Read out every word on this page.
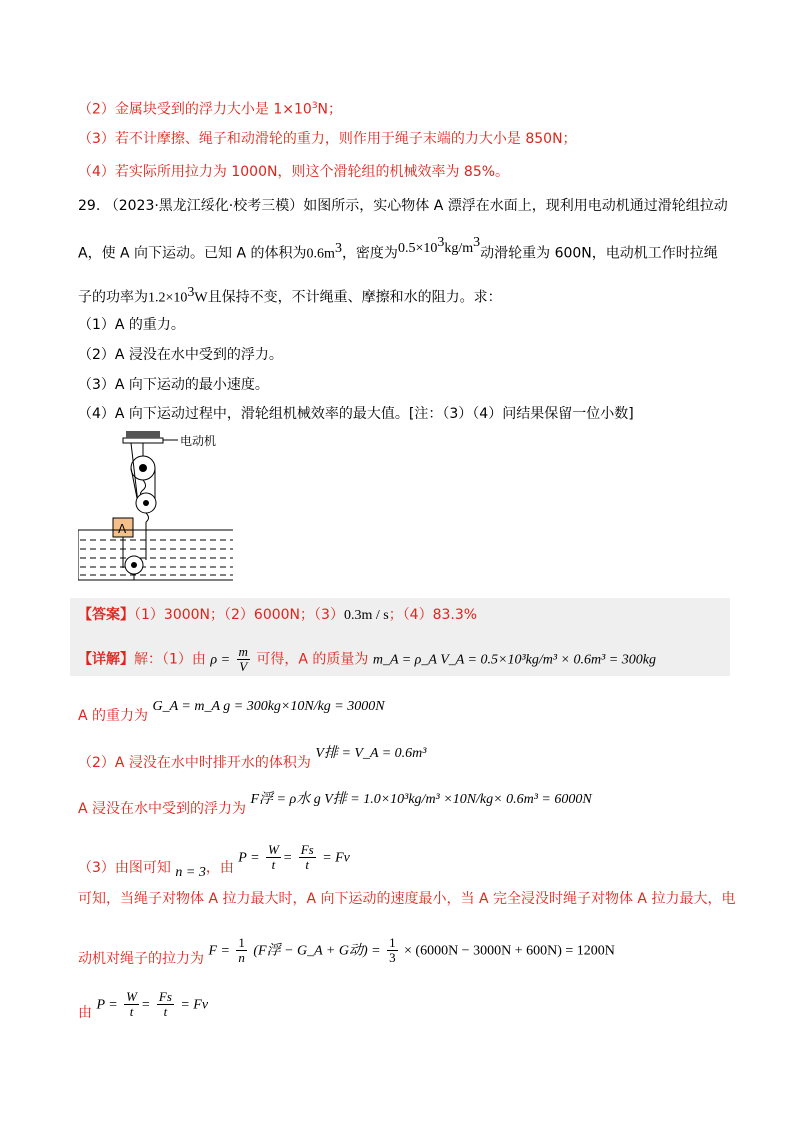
（2）金属块受到的浮力大小是 $1\times 10^3N$；
（3）若不计摩擦、绳子和动滑轮的重力，则作用于绳子末端的力大小是 850N；
（4）若实际所用拉力为 1000N，则这个滑轮组的机械效率为 85%。
29. （2023·黑龙江绥化·校考三模）如图所示，实心物体 A 漂浮在水面上，现利用电动机通过滑轮组拉动
A，使 A 向下运动。已知 A 的体积为$0.6m^3$，密度为$0.5\times 10^3kg/m^3$动滑轮重为 600N，电动机工作时拉绳
子的功率为$1.2\times 10^3W$且保持不变，不计绳重、摩擦和水的阻力。求：
（1）A 的重力。
（2）A 浸没在水中受到的浮力。
（3）A 向下运动的最小速度。
（4）A 向下运动过程中，滑轮组机械效率的最大值。[注：（3）（4）问结果保留一位小数]
电动机
A
【答案】（1）3000N；（2）6000N；（3）0.3m / s；（4）83.3%
【详解】解：（1）由 $\rho = \frac{m}{V}$ 可得，A 的质量为 m_A = ρ_A V_A = 0.5×10³kg/m³ × 0.6m³ = 300kg
A 的重力为 G_A = m_A g = 300kg×10N/kg = 3000N
（2）A 浸没在水中时排开水的体积为 V排 = V_A = 0.6m³
A 浸没在水中受到的浮力为 F浮 = ρ水 g V排 = 1.0×10³kg/m³ ×10N/kg× 0.6m³ = 6000N
（3）由图可知 n = 3，由 $P = \frac{W}{t} = \frac{Fs}{t} = Fv$
可知，当绳子对物体 A 拉力最大时，A 向下运动的速度最小，当 A 完全浸没时绳子对物体 A 拉力最大，电
动机对绳子的拉力为 $F = \frac{1}{n} (F$浮 − G_A + G动) = $\frac{1}{3} \times (6000N - 3000N + 600N) = 1200N$
由 $P = \frac{W}{t} = \frac{Fs}{t} = Fv$
